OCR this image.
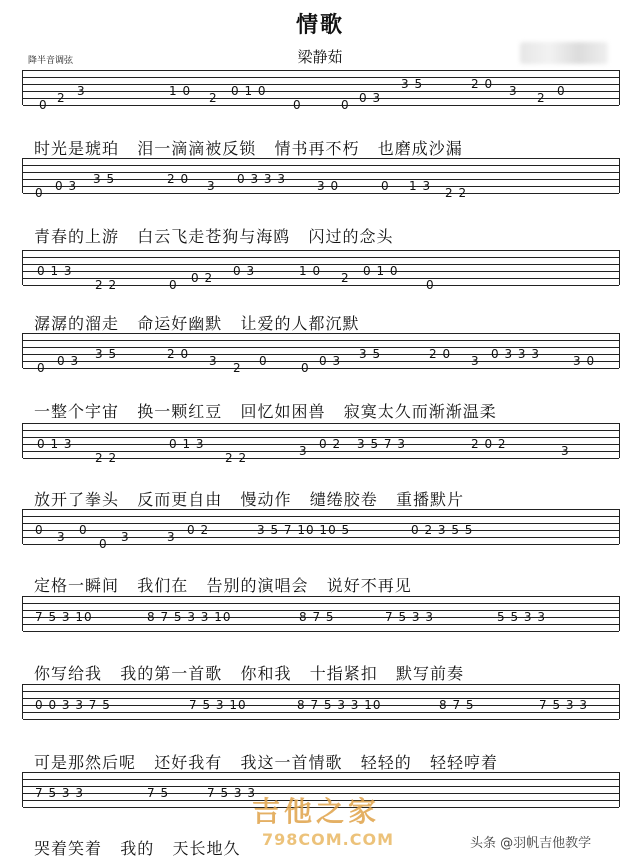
情歌
梁静茹
降半音调弦
0 2 3	1 0 2 0 1 0
0	0 0 3
3 5	2 0 3 2 0
0 0 3 3 5	2 0 3 0 3 3 3	3 0	0 1 3 2 2
0 1 3
2 2	0 0 2 0 3	1 0 2 0 1 0
0
0 0 3 3 5	2 0 3 2 0	0 0 3 3 5	2 0 3 0 3 3 3	3 0
0 1 3
2 2
0 1 3
2 2	3 0 2 3 5 7 3	2 0 2	3
0 3 0
0 3	3 0 2	3 5 7 10 10 5	0 2 3 5 5
7 5 3 10	8 7 5 3 3 10	8 7 5	7 5 3 3	5 5 3 3
0 0 3 3 7 5	7 5 3 10	8 7 5 3 3 10	8 7 5	7 5 3 3
7 5 3 3	7 5	7 5 3 3
时光是琥珀   泪一滴滴被反锁   情书再不朽   也磨成沙漏
青春的上游   白云飞走苍狗与海鸥   闪过的念头
潺潺的溜走   命运好幽默   让爱的人都沉默
一整个宇宙   换一颗红豆   回忆如困兽   寂寞太久而渐渐温柔
放开了拳头   反而更自由   慢动作   缱绻胶卷   重播默片
定格一瞬间   我们在   告别的演唱会   说好不再见
你写给我   我的第一首歌   你和我   十指紧扣   默写前奏
可是那然后呢   还好我有   我这一首情歌   轻轻的   轻轻哼着
哭着笑着   我的   天长地久
吉他之家
798COM.COM	头条 @羽帆吉他教学
